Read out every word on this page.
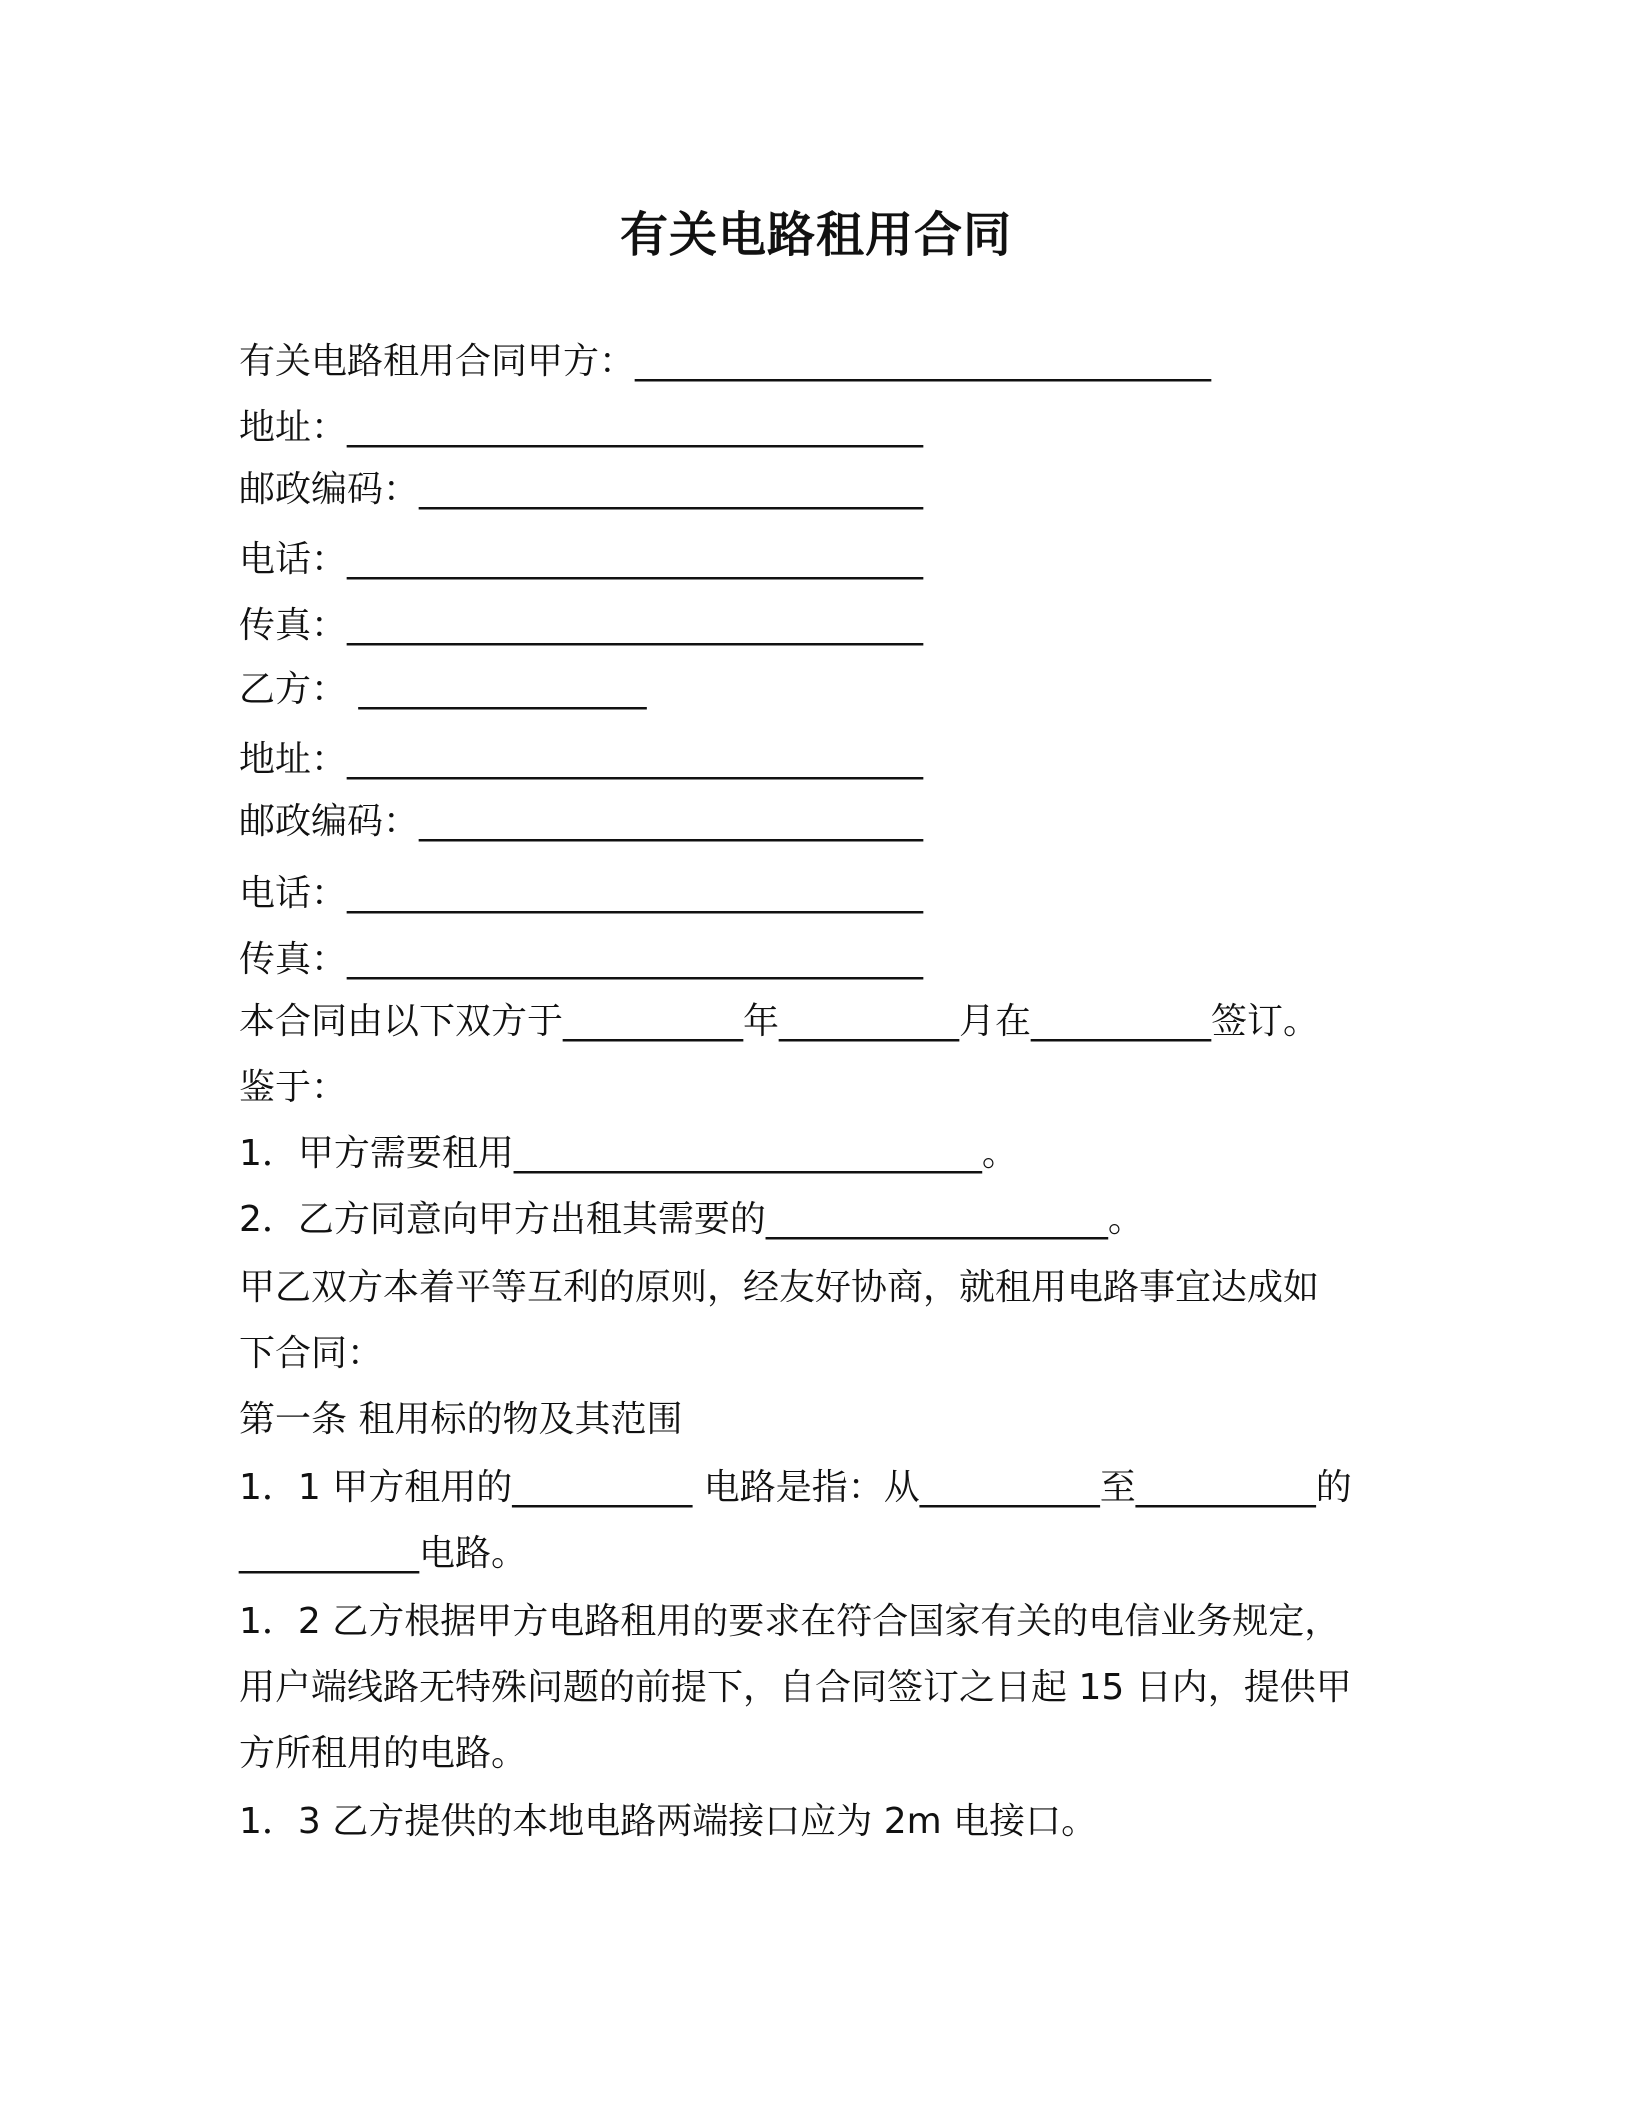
有关电路租用合同
有关电路租用合同甲方：________________________________
地址：________________________________
邮政编码：____________________________
电话：________________________________
传真：________________________________
乙方： ________________
地址：________________________________
邮政编码：____________________________
电话：________________________________
传真：________________________________
本合同由以下双方于__________年__________月在__________签订。
鉴于：
1．甲方需要租用__________________________。
2．乙方同意向甲方出租其需要的___________________。
甲乙双方本着平等互利的原则，经友好协商，就租用电路事宜达成如
下合同：
第一条 租用标的物及其范围
1．1 甲方租用的__________ 电路是指：从__________至__________的
__________电路。
1．2 乙方根据甲方电路租用的要求在符合国家有关的电信业务规定，
用户端线路无特殊问题的前提下，自合同签订之日起 15 日内，提供甲
方所租用的电路。
1．3 乙方提供的本地电路两端接口应为 2m 电接口。
